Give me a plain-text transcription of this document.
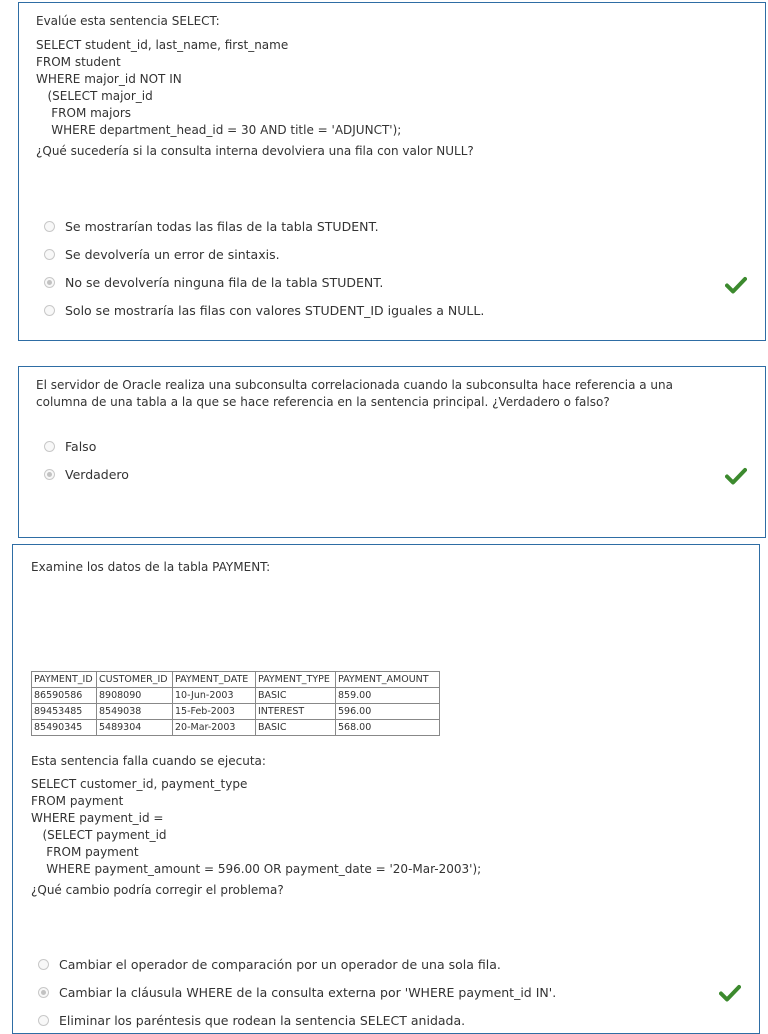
Evalúe esta sentencia SELECT:
SELECT student_id, last_name, first_name
FROM student
WHERE major_id NOT IN
(SELECT major_id
FROM majors
WHERE department_head_id = 30 AND title = 'ADJUNCT');
¿Qué sucedería si la consulta interna devolviera una fila con valor NULL?
Se mostrarían todas las filas de la tabla STUDENT.
Se devolvería un error de sintaxis.
No se devolvería ninguna fila de la tabla STUDENT.
Solo se mostraría las filas con valores STUDENT_ID iguales a NULL.
El servidor de Oracle realiza una subconsulta correlacionada cuando la subconsulta hace referencia a una
columna de una tabla a la que se hace referencia en la sentencia principal. ¿Verdadero o falso?
Falso
Verdadero
Examine los datos de la tabla PAYMENT:
PAYMENT_ID	CUSTOMER_ID	PAYMENT_DATE	PAYMENT_TYPE	PAYMENT_AMOUNT
86590586	8908090	10-Jun-2003	BASIC	859.00
89453485	8549038	15-Feb-2003	INTEREST	596.00
85490345	5489304	20-Mar-2003	BASIC	568.00
Esta sentencia falla cuando se ejecuta:
SELECT customer_id, payment_type
FROM payment
WHERE payment_id =
(SELECT payment_id
FROM payment
WHERE payment_amount = 596.00 OR payment_date = '20-Mar-2003');
¿Qué cambio podría corregir el problema?
Cambiar el operador de comparación por un operador de una sola fila.
Cambiar la cláusula WHERE de la consulta externa por 'WHERE payment_id IN'.
Eliminar los paréntesis que rodean la sentencia SELECT anidada.
